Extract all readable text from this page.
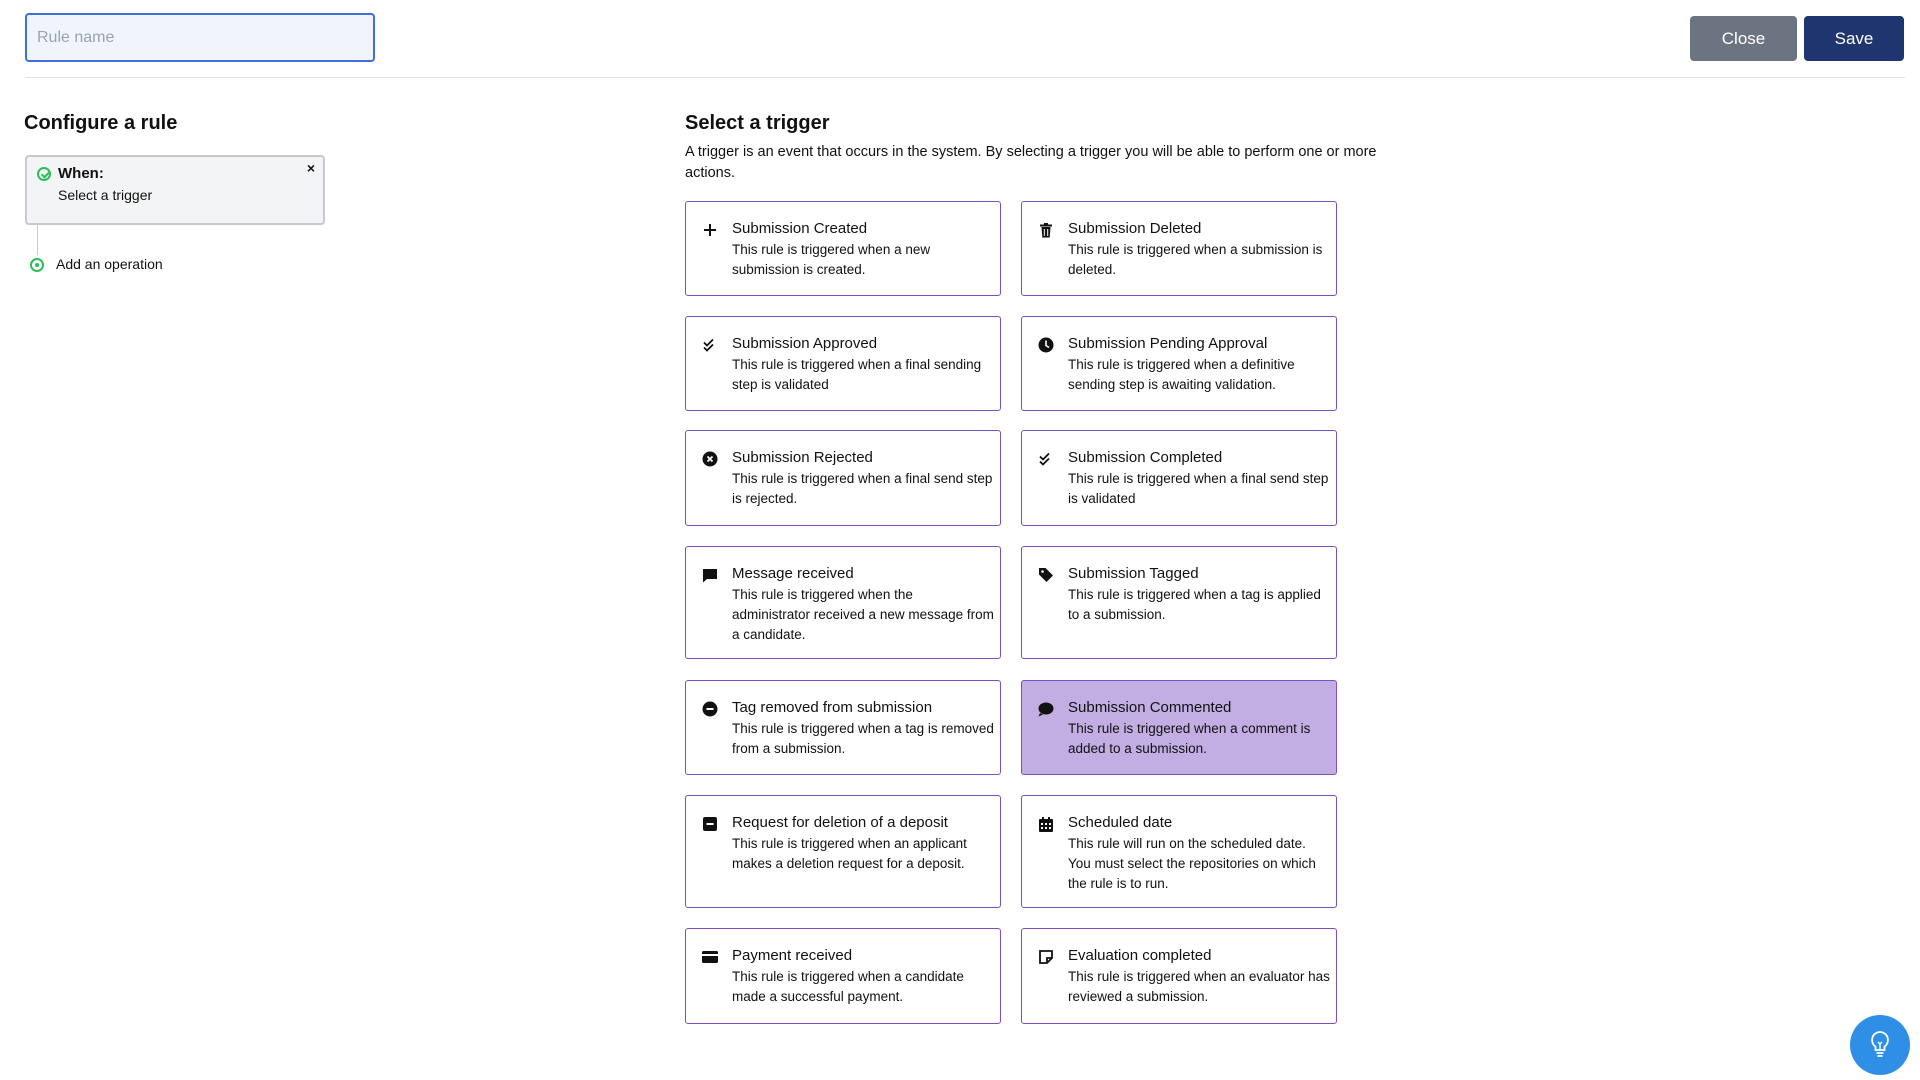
Rule name
Close	Save
Configure a rule
When:
Select a trigger
×
Add an operation
Select a trigger
A trigger is an event that occurs in the system. By selecting a trigger you will be able to perform one or more actions.
Submission Created
This rule is triggered when a new submission is created.
Submission Deleted
This rule is triggered when a submission is deleted.
Submission Approved
This rule is triggered when a final sending step is validated
Submission Pending Approval
This rule is triggered when a definitive sending step is awaiting validation.
Submission Rejected
This rule is triggered when a final send step is rejected.
Submission Completed
This rule is triggered when a final send step is validated
Message received
This rule is triggered when the administrator received a new message from a candidate.
Submission Tagged
This rule is triggered when a tag is applied to a submission.
Tag removed from submission
This rule is triggered when a tag is removed from a submission.
Submission Commented
This rule is triggered when a comment is added to a submission.
Request for deletion of a deposit
This rule is triggered when an applicant makes a deletion request for a deposit.
Scheduled date
This rule will run on the scheduled date. You must select the repositories on which the rule is to run.
Payment received
This rule is triggered when a candidate made a successful payment.
Evaluation completed
This rule is triggered when an evaluator has reviewed a submission.
